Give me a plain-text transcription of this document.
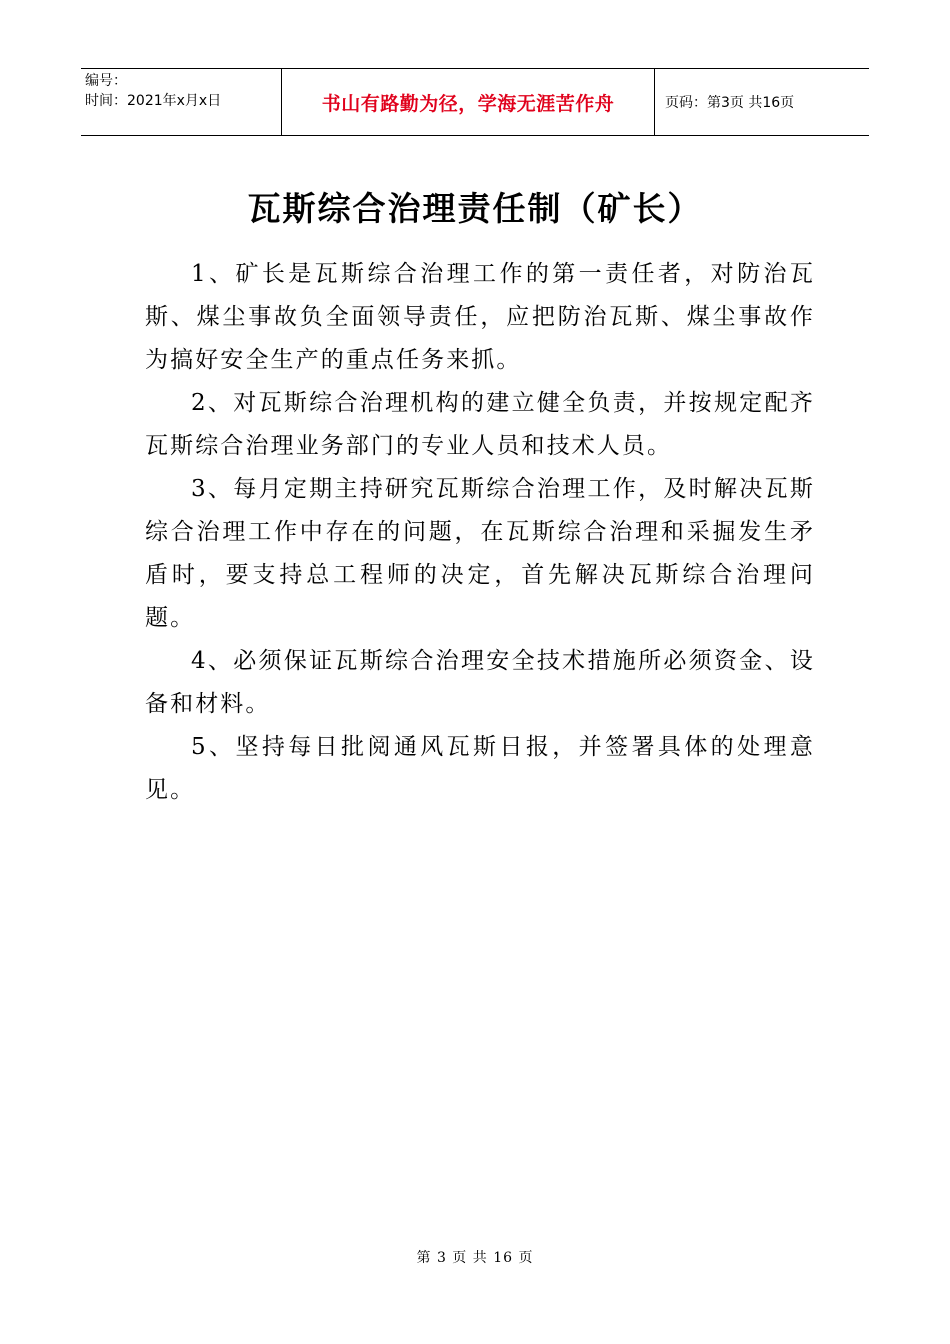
编号：
时间：2021年x月x日	书山有路勤为径，学海无涯苦作舟	页码：第3页 共16页
瓦斯综合治理责任制（矿长）

1、矿长是瓦斯综合治理工作的第一责任者，对防治瓦斯、煤尘事故负全面领导责任，应把防治瓦斯、煤尘事故作为搞好安全生产的重点任务来抓。

2、对瓦斯综合治理机构的建立健全负责，并按规定配齐瓦斯综合治理业务部门的专业人员和技术人员。

3、每月定期主持研究瓦斯综合治理工作，及时解决瓦斯综合治理工作中存在的问题，在瓦斯综合治理和采掘发生矛盾时，要支持总工程师的决定，首先解决瓦斯综合治理问题。

4、必须保证瓦斯综合治理安全技术措施所必须资金、设备和材料。

5、坚持每日批阅通风瓦斯日报，并签署具体的处理意见。

第 3 页 共 16 页
